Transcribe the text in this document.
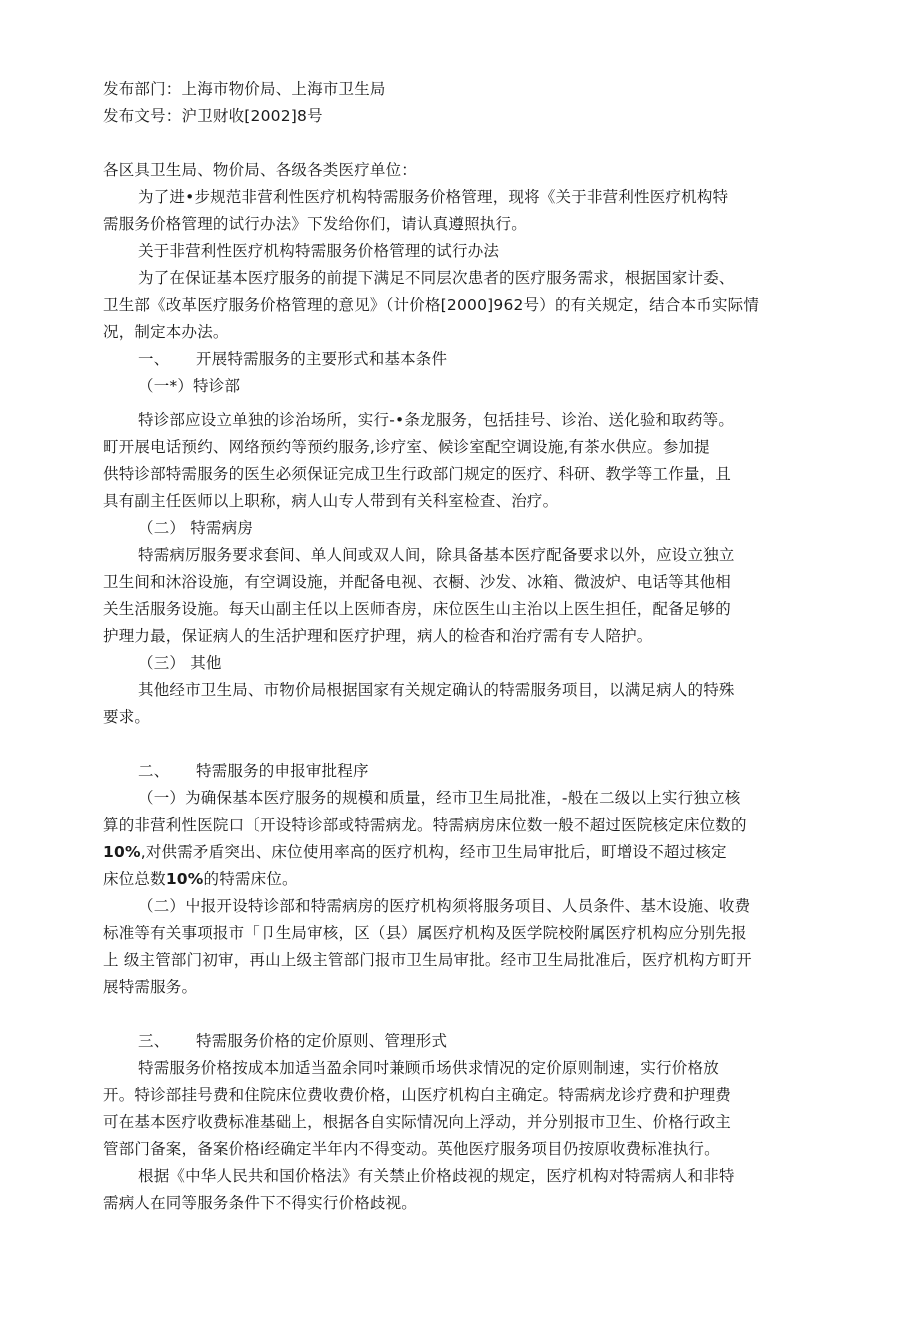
发布部门：上海市物价局、上海市卫生局
发布文号：沪卫财收[2002]8号
各区具卫生局、物价局、各级各类医疗单位：
为了进•步规范非营利性医疗机构特需服务价格管理，现将《关于非营利性医疗机构特
需服务价格管理的试行办法》下发给你们，请认真遵照执行。
关于非营利性医疗机构特需服务价格管理的试行办法
为了在保证基本医疗服务的前提下满足不同层次患者的医疗服务需求，根据国家计委、
卫生部《改革医疗服务价格管理的意见》（计价格[2000]962号）的有关规定，结合本币实际情
况，制定本办法。
一、 开展特需服务的主要形式和基本条件
（一*）特诊部
特诊部应设立单独的诊治场所，实行-•条龙服务，包括挂号、诊治、送化验和取药等。
町开展电话预约、网络预约等预约服务,诊疗室、候诊室配空调设施,有茶水供应。参加提
供特诊部特需服务的医生必须保证完成卫生行政部门规定的医疗、科研、教学等工作量，且
具有副主任医师以上职称，病人山专人带到有关科室检查、治疗。
（二） 特需病房
特需病厉服务要求套间、单人间或双人间，除具备基本医疗配备要求以外，应设立独立
卫生间和沐浴设施，有空调设施，并配备电视、衣橱、沙发、冰箱、微波炉、电话等其他相
关生活服务设施。每天山副主任以上医师杳房，床位医生山主治以上医生担任，配备足够的
护理力最，保证病人的生活护理和医疗护理，病人的检杳和治疗需有专人陪护。
（三） 其他
其他经市卫生局、市物价局根据国家有关规定确认的特需服务项目，以满足病人的特殊
要求。
二、 特需服务的申报审批程序
（一）为确保基本医疗服务的规模和质量，经市卫生局批准，-般在二级以上实行独立核
算的非营利性医院口〔开设特诊部或特需病龙。特需病房床位数一般不超过医院核定床位数的
10%,对供需矛盾突出、床位使用率高的医疗机构，经市卫生局审批后，町增设不超过核定
床位总数10%的特需床位。
（二）屮报开设特诊部和特需病房的医疗机构须将服务项目、人员条件、基木设施、收费
标准等有关事项报市「卩生局审核，区（县）属医疗机构及医学院校附属医疗机构应分别先报
上 级主管部门初审，再山上级主管部门报市卫生局审批。经市卫生局批准后，医疗机构方町开
展特需服务。
三、 特需服务价格的定价原则、管理形式
特需服务价格按成本加适当盈余同吋兼顾币场供求情况的定价原则制速，实行价格放
开。特诊部挂号费和住院床位费收费价格，山医疗机构白主确定。特需病龙诊疗费和护理费
可在基本医疗收费标准基础上，根据各自实际情况向上浮动，并分别报市卫生、价格行政主
管部门备案，备案价格i经确定半年内不得变动。英他医疗服务项目仍按原收费标准执行。
根据《中华人民共和国价格法》有关禁止价格歧视的规定，医疗机构对特需病人和非特
需病人在同等服务条件下不得实行价格歧视。
